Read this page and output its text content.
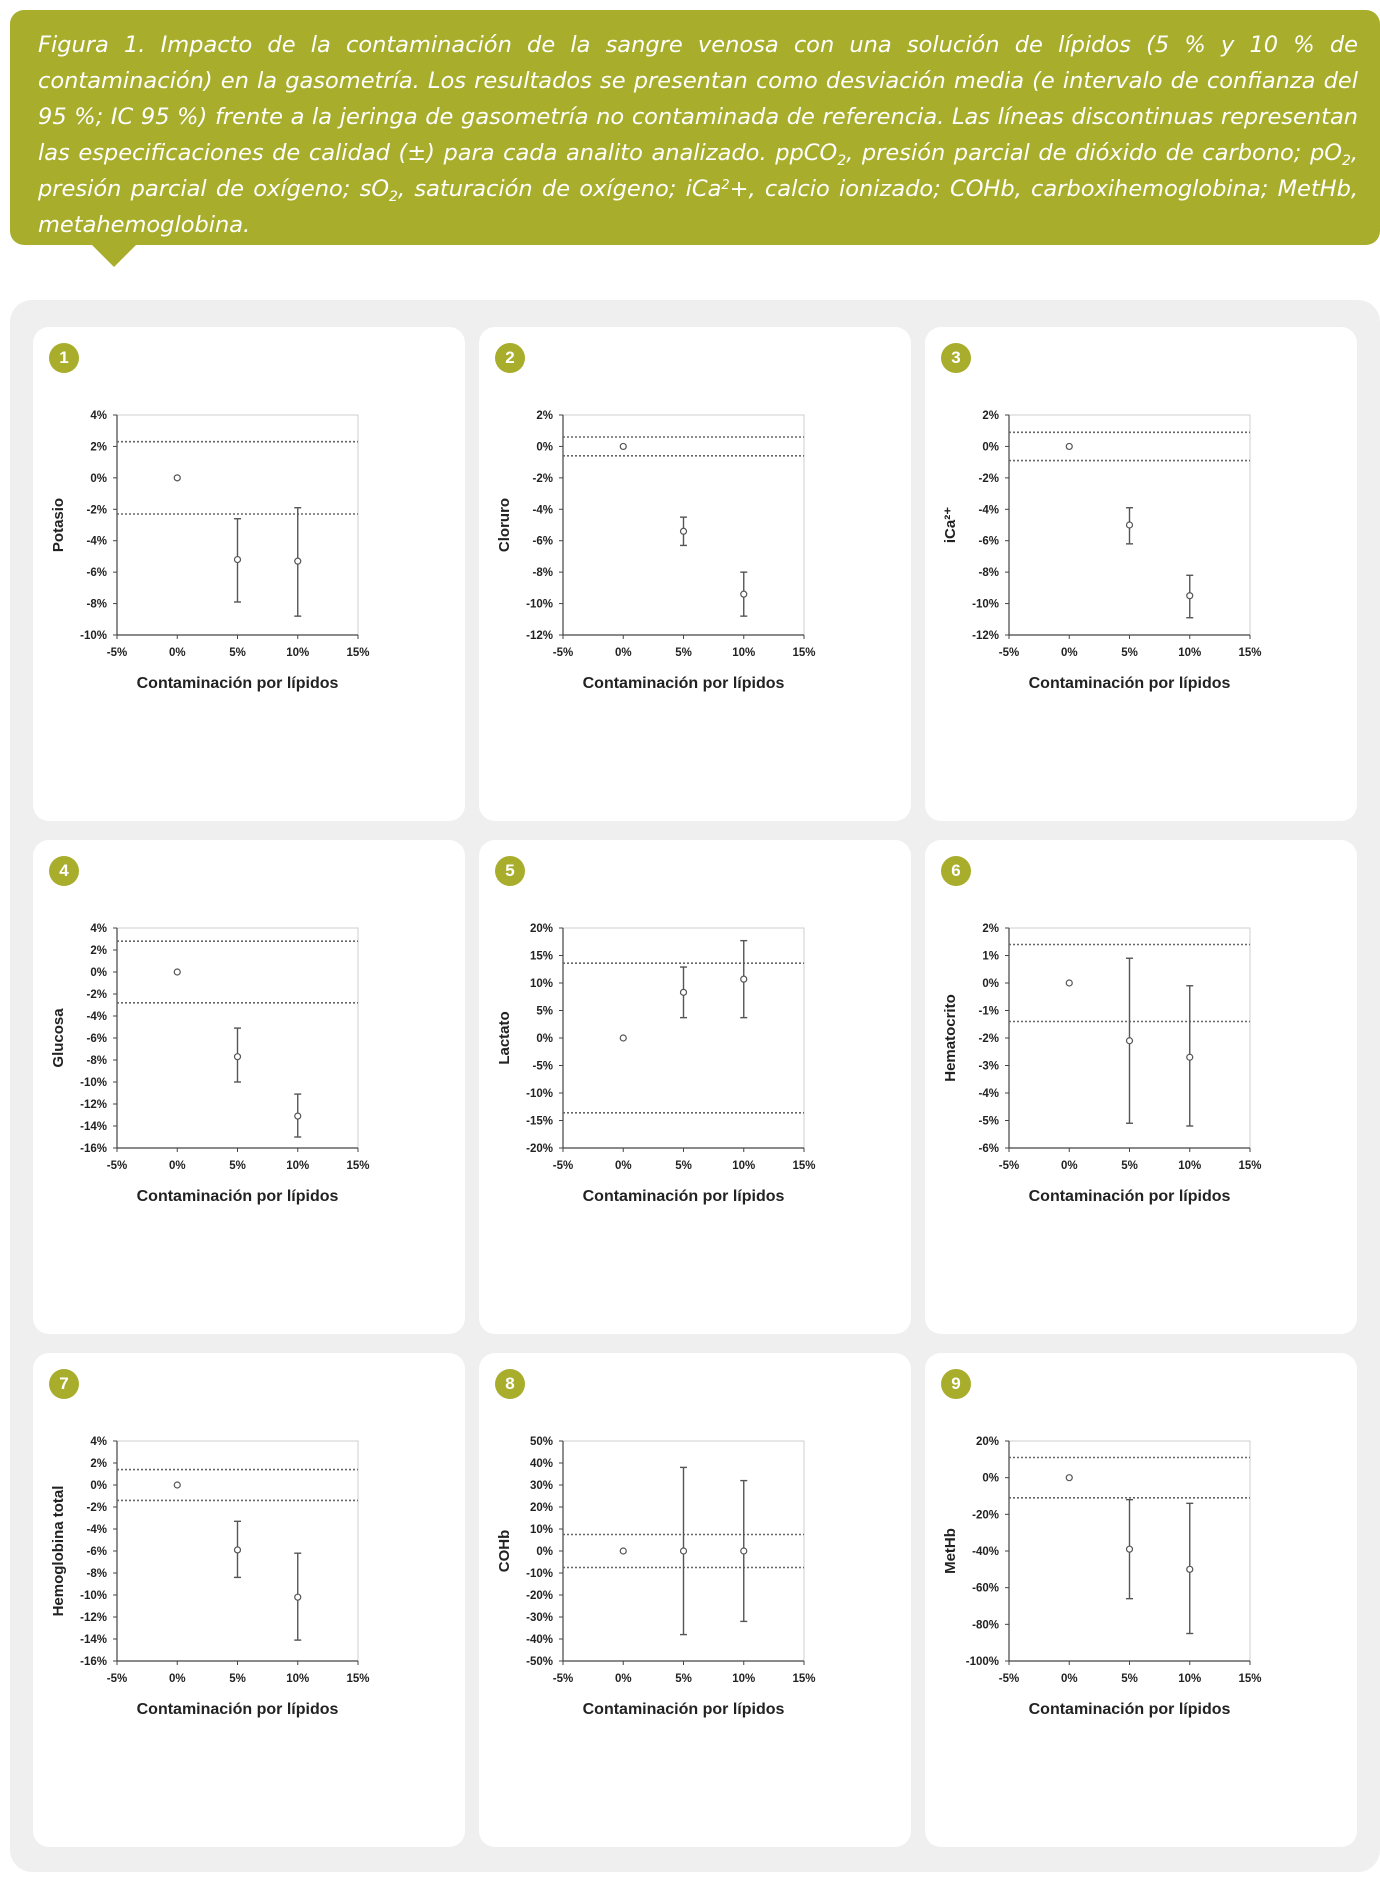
Figura 1. Impacto de la contaminación de la sangre venosa con una solución de lípidos (5 % y 10 % de contaminación) en la gasometría. Los resultados se presentan como desviación media (e intervalo de confianza del 95 %; IC 95 %) frente a la jeringa de gasometría no contaminada de referencia. Las líneas discontinuas representan las especificaciones de calidad (±) para cada analito analizado. ppCO$_2$, presión parcial de dióxido de carbono; $pO_2$, presión parcial de oxígeno; $sO_2$, saturación de oxígeno; iCa$^2$+, calcio ionizado; COHb, carboxihemoglobina; MetHb, metahemoglobina.
1
4%
2%
0%
-2%
-4%
-6%
-8%
-10%
-5%	0%	5%	10%	15%
Contaminación por lípidos
Potasio
2
2%
0%
-2%
-4%
-6%
-8%
-10%
-12%
-5%	0%	5%	10%	15%
Contaminación por lípidos
Cloruro
3
2%
0%
-2%
-4%
-6%
-8%
-10%
-12%
-5%	0%	5%	10%	15%
Contaminación por lípidos
iCa²⁺
4
4%
2%
0%
-2%
-4%
-6%
-8%
-10%
-12%
-14%
-16%
-5%	0%	5%	10%	15%
Contaminación por lípidos
Glucosa
5
20%
15%
10%
5%
0%
-5%
-10%
-15%
-20%
-5%	0%	5%	10%	15%
Contaminación por lípidos
Lactato
6
2%
1%
0%
-1%
-2%
-3%
-4%
-5%
-6%
-5%	0%	5%	10%	15%
Contaminación por lípidos
Hematocrito
7
4%
2%
0%
-2%
-4%
-6%
-8%
-10%
-12%
-14%
-16%
-5%	0%	5%	10%	15%
Contaminación por lípidos
Hemoglobina total
8
50%
40%
30%
20%
10%
0%
-10%
-20%
-30%
-40%
-50%
-5%	0%	5%	10%	15%
Contaminación por lípidos
COHb
9
20%
0%
-20%
-40%
-60%
-80%
-100%
-5%	0%	5%	10%	15%
Contaminación por lípidos
MetHb
